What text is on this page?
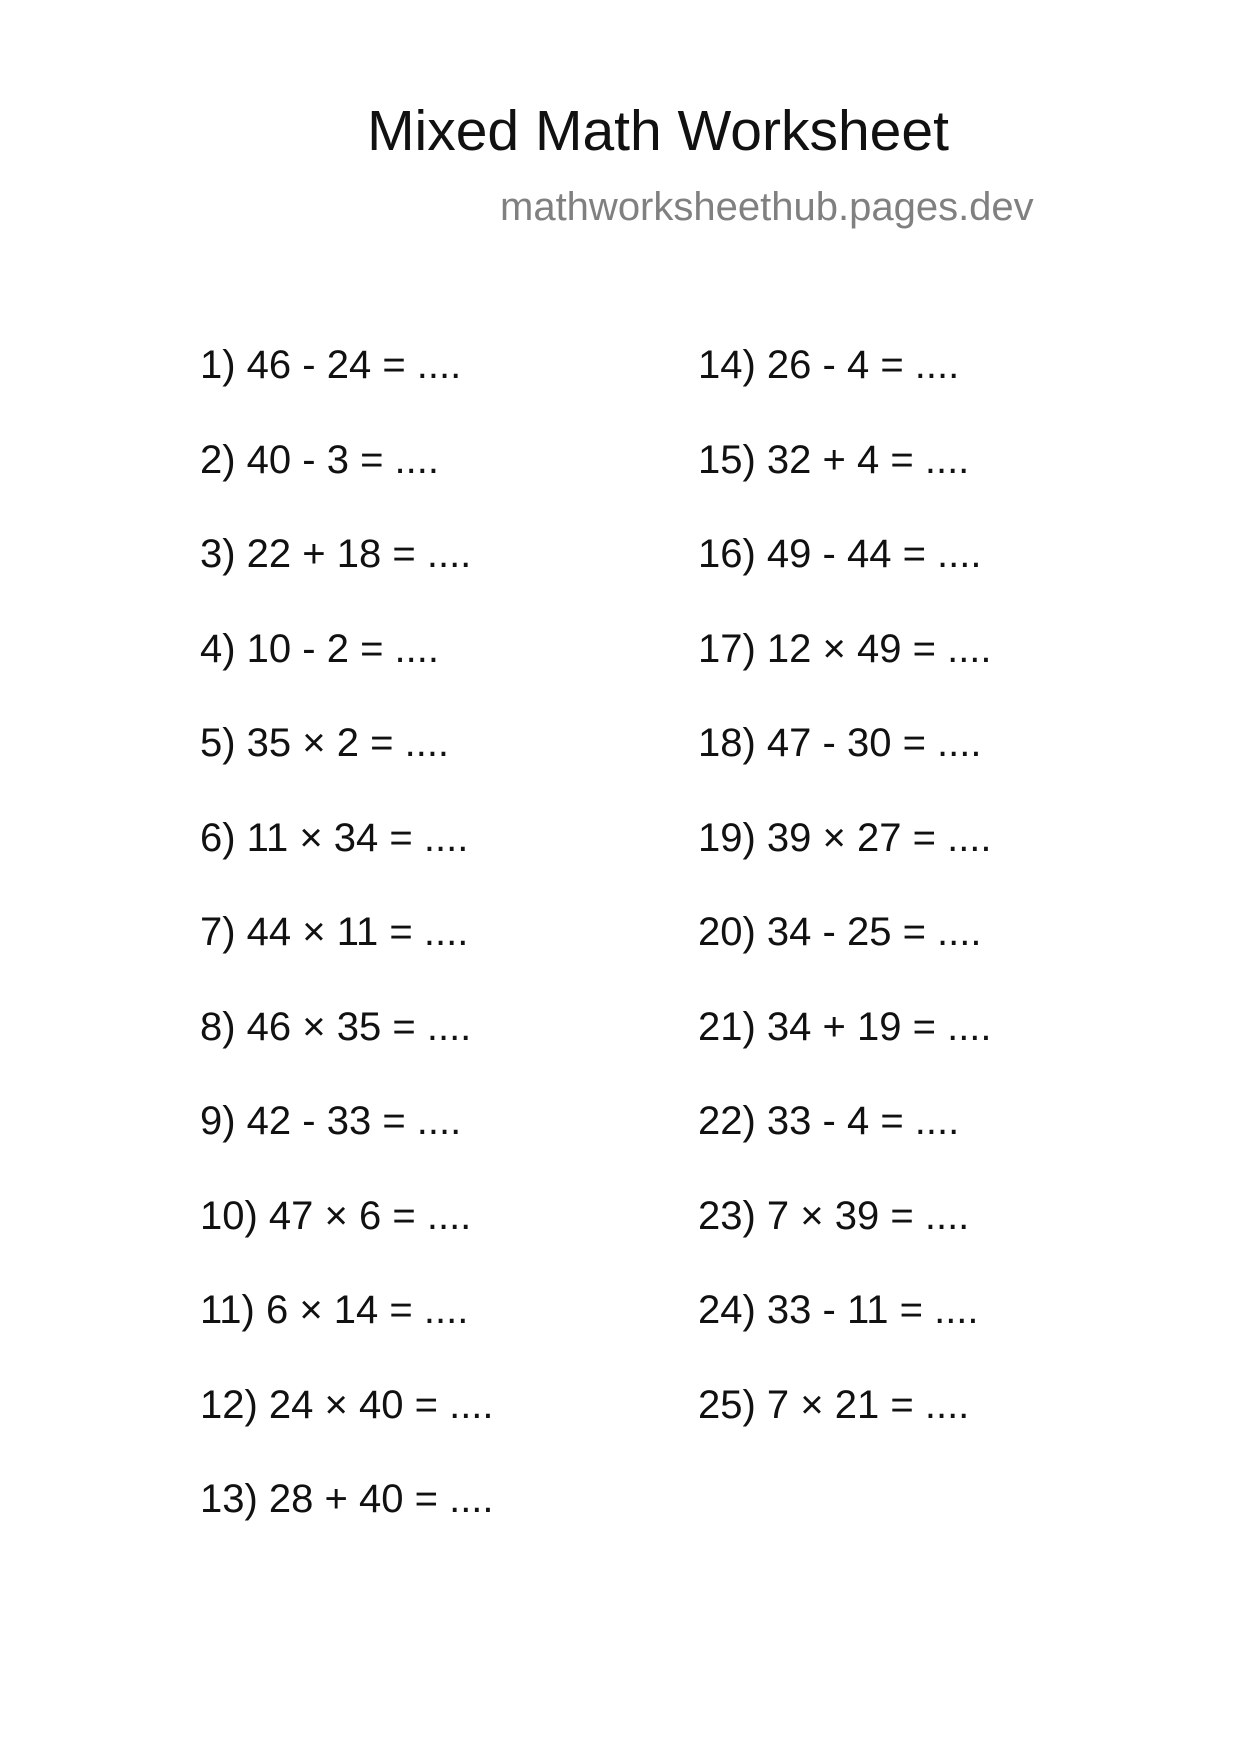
Mixed Math Worksheet
mathworksheethub.pages.dev
1) 46 - 24 = ....
2) 40 - 3 = ....
3) 22 + 18 = ....
4) 10 - 2 = ....
5) 35 × 2 = ....
6) 11 × 34 = ....
7) 44 × 11 = ....
8) 46 × 35 = ....
9) 42 - 33 = ....
10) 47 × 6 = ....
11) 6 × 14 = ....
12) 24 × 40 = ....
13) 28 + 40 = ....
14) 26 - 4 = ....
15) 32 + 4 = ....
16) 49 - 44 = ....
17) 12 × 49 = ....
18) 47 - 30 = ....
19) 39 × 27 = ....
20) 34 - 25 = ....
21) 34 + 19 = ....
22) 33 - 4 = ....
23) 7 × 39 = ....
24) 33 - 11 = ....
25) 7 × 21 = ....
